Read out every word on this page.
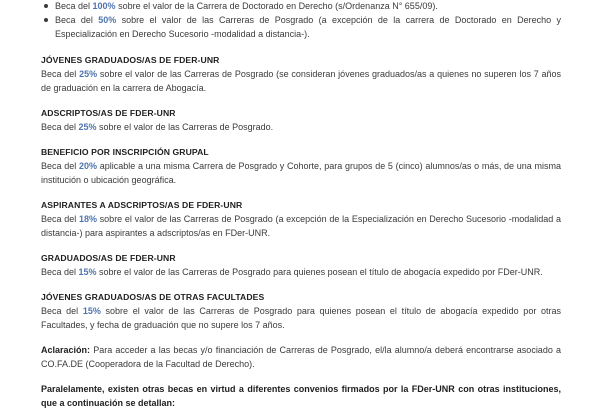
Beca del 100% sobre el valor de la Carrera de Doctorado en Derecho (s/Ordenanza N° 655/09).
Beca del 50% sobre el valor de las Carreras de Posgrado (a excepción de la carrera de Doctorado en Derecho y Especialización en Derecho Sucesorio -modalidad a distancia-).
JÓVENES GRADUADOS/AS DE FDER-UNR
Beca del 25% sobre el valor de las Carreras de Posgrado (se consideran jóvenes graduados/as a quienes no superen los 7 años de graduación en la carrera de Abogacía.
ADSCRIPTOS/AS DE FDER-UNR
Beca del 25% sobre el valor de las Carreras de Posgrado.
BENEFICIO POR INSCRIPCIÓN GRUPAL
Beca del 20% aplicable a una misma Carrera de Posgrado y Cohorte, para grupos de 5 (cinco) alumnos/as o más, de una misma institución o ubicación geográfica.
ASPIRANTES A ADSCRIPTOS/AS DE FDER-UNR
Beca del 18% sobre el valor de las Carreras de Posgrado (a excepción de la Especialización en Derecho Sucesorio -modalidad a distancia-) para aspirantes a adscriptos/as en FDer-UNR.
GRADUADOS/AS DE FDER-UNR
Beca del 15% sobre el valor de las Carreras de Posgrado para quienes posean el título de abogacía expedido por FDer-UNR.
JÓVENES GRADUADOS/AS DE OTRAS FACULTADES
Beca del 15% sobre el valor de las Carreras de Posgrado para quienes posean el título de abogacía expedido por otras Facultades, y fecha de graduación que no supere los 7 años.
Aclaración: Para acceder a las becas y/o financiación de Carreras de Posgrado, el/la alumno/a deberá encontrarse asociado a CO.FA.DE (Cooperadora de la Facultad de Derecho).
Paralelamente, existen otras becas en virtud a diferentes convenios firmados por la FDer-UNR con otras instituciones, que a continuación se detallan:
